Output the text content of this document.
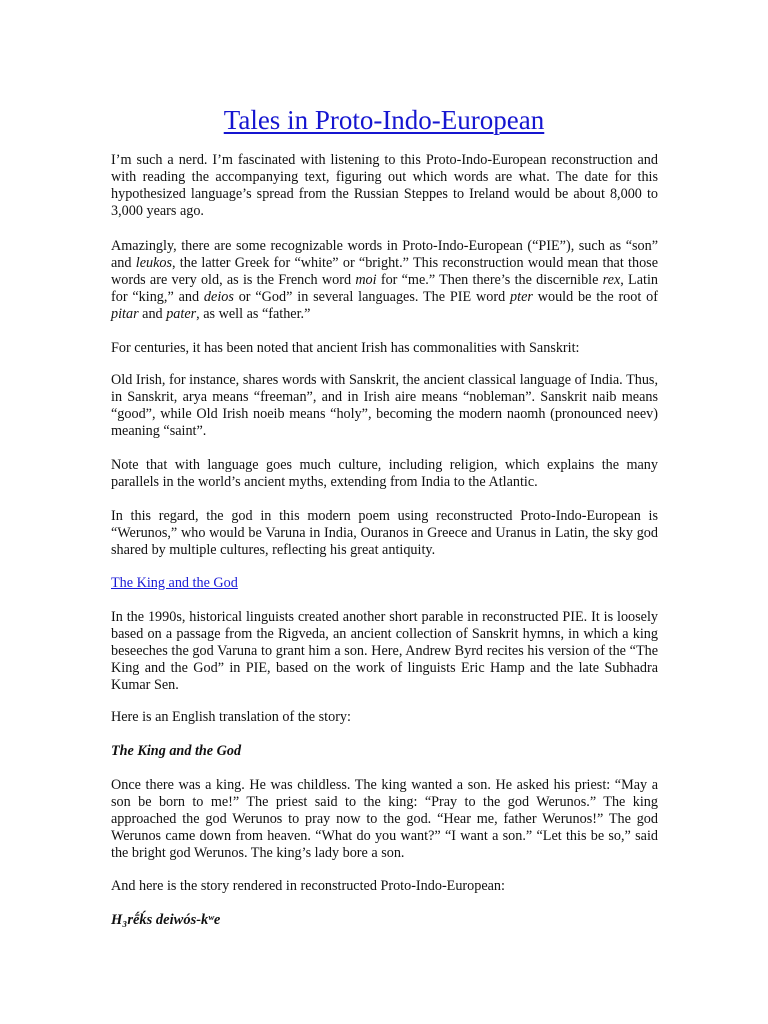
Tales in Proto-Indo-European

I’m such a nerd. I’m fascinated with listening to this Proto-Indo-European reconstruction and with reading the accompanying text, figuring out which words are what. The date for this hypothesized language’s spread from the Russian Steppes to Ireland would be about 8,000 to 3,000 years ago.

Amazingly, there are some recognizable words in Proto-Indo-European (“PIE”), such as “son” and leukos, the latter Greek for “white” or “bright.” This reconstruction would mean that those words are very old, as is the French word moi for “me.” Then there’s the discernible rex, Latin for “king,” and deios or “God” in several languages. The PIE word pter would be the root of pitar and pater, as well as “father.”

For centuries, it has been noted that ancient Irish has commonalities with Sanskrit:

Old Irish, for instance, shares words with Sanskrit, the ancient classical language of India. Thus, in Sanskrit, arya means “freeman”, and in Irish aire means “nobleman”. Sanskrit naib means “good”, while Old Irish noeib means “holy”, becoming the modern naomh (pronounced neev) meaning “saint”.

Note that with language goes much culture, including religion, which explains the many parallels in the world’s ancient myths, extending from India to the Atlantic.

In this regard, the god in this modern poem using reconstructed Proto-Indo-European is “Werunos,” who would be Varuna in India, Ouranos in Greece and Uranus in Latin, the sky god shared by multiple cultures, reflecting his great antiquity.

The King and the God

In the 1990s, historical linguists created another short parable in reconstructed PIE. It is loosely based on a passage from the Rigveda, an ancient collection of Sanskrit hymns, in which a king beseeches the god Varuna to grant him a son. Here, Andrew Byrd recites his version of the “The King and the God” in PIE, based on the work of linguists Eric Hamp and the late Subhadra Kumar Sen.

Here is an English translation of the story:

The King and the God

Once there was a king. He was childless. The king wanted a son. He asked his priest: “May a son be born to me!” The priest said to the king: “Pray to the god Werunos.” The king approached the god Werunos to pray now to the god. “Hear me, father Werunos!” The god Werunos came down from heaven. “What do you want?” “I want a son.” “Let this be so,” said the bright god Werunos. The king’s lady bore a son.

And here is the story rendered in reconstructed Proto-Indo-European:

H₃rḗḱs deiwós-kʷe
